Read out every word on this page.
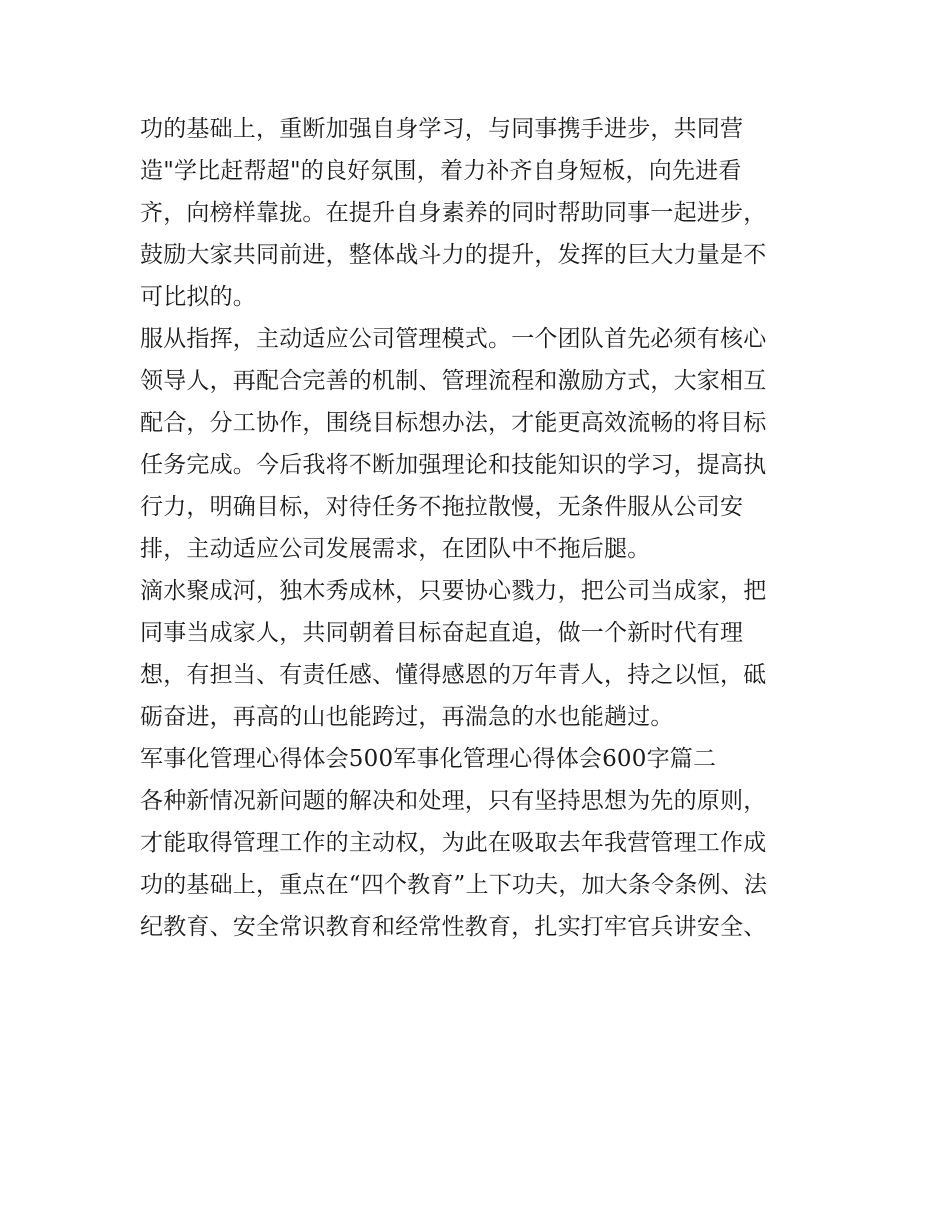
功的基础上，重断加强自身学习，与同事携手进步，共同营
造"学比赶帮超"的良好氛围，着力补齐自身短板，向先进看
齐，向榜样靠拢。在提升自身素养的同时帮助同事一起进步，
鼓励大家共同前进，整体战斗力的提升，发挥的巨大力量是不
可比拟的。
服从指挥，主动适应公司管理模式。一个团队首先必须有核心
领导人，再配合完善的机制、管理流程和激励方式，大家相互
配合，分工协作，围绕目标想办法，才能更高效流畅的将目标
任务完成。今后我将不断加强理论和技能知识的学习，提高执
行力，明确目标，对待任务不拖拉散慢，无条件服从公司安
排，主动适应公司发展需求，在团队中不拖后腿。
滴水聚成河，独木秀成林，只要协心戮力，把公司当成家，把
同事当成家人，共同朝着目标奋起直追，做一个新时代有理
想，有担当、有责任感、懂得感恩的万年青人，持之以恒，砥
砺奋进，再高的山也能跨过，再湍急的水也能趟过。
军事化管理心得体会500军事化管理心得体会600字篇二
各种新情况新问题的解决和处理，只有坚持思想为先的原则，
才能取得管理工作的主动权，为此在吸取去年我营管理工作成
功的基础上，重点在“四个教育”上下功夫，加大条令条例、法
纪教育、安全常识教育和经常性教育，扎实打牢官兵讲安全、
